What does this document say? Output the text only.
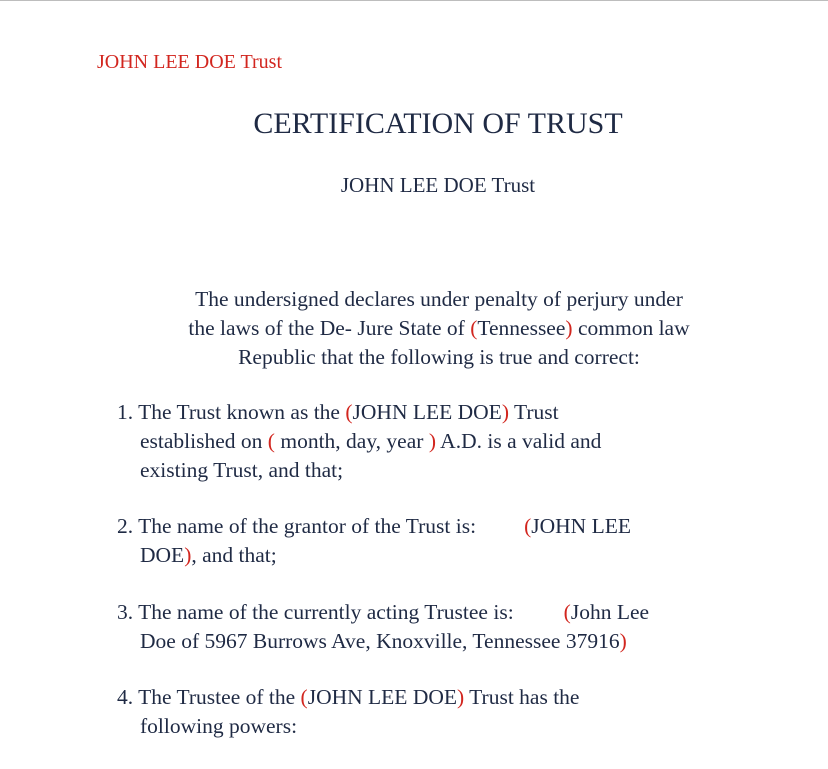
JOHN LEE DOE Trust
CERTIFICATION OF TRUST
JOHN LEE DOE Trust
The undersigned declares under penalty of perjury under
the laws of the De- Jure State of (Tennessee) common law
Republic that the following is true and correct:
1. The Trust known as the (JOHN LEE DOE) Trust
established on ( month, day, year ) A.D. is a valid and
existing Trust, and that;
2. The name of the grantor of the Trust is: (JOHN LEE
DOE), and that;
3. The name of the currently acting Trustee is: (John Lee
Doe of 5967 Burrows Ave, Knoxville, Tennessee 37916)
4. The Trustee of the (JOHN LEE DOE) Trust has the
following powers:
